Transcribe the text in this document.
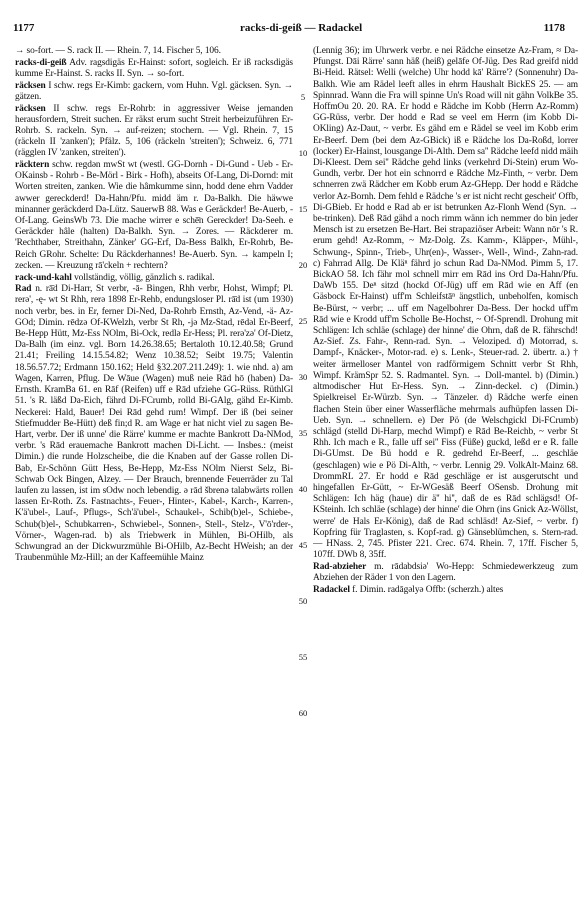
1177	racks-di-geiß — Radackel	1178

→ so-fort. — S. rack II. — Rhein. 7, 14. Fischer 5, 106.

racks-di-geiß Adv. ragsdigäs Er-Hainst: sofort, sogleich. Er iß racksdigäs kumme Er-Hainst. S. racks II. Syn. → so-fort.

räcksen I schw. regs Er-Kimb: gackern, vom Huhn. Vgl. gäcksen. Syn. → gätzen.

räcksen II schw. regs Er-Rohrb: in aggressiver Weise jemanden herausfordern, Streit suchen. Er räkst erum sucht Streit herbeizuführen Er-Rohrb. S. rackeln. Syn. → auf-reizen; stochern. — Vgl. Rhein. 7, 15 (räckeln II 'zanken'); Pfälz. 5, 106 (räckeln 'streiten'); Schweiz. 6, 771 (rägglen IV 'zanken, streiten').

räcktern schw. regdǝn mwSt wt (westl. GG-Dornh - Di-Gund - Ueb - Er-OKainsb - Rohrb - Be-Mörl - Birk - Hofh), abseits Of-Lang, Di-Dornd: mit Worten streiten, zanken. Wie die hâmkumme sinn, hodd dene ehrn Vadder awwer gereckderd! Da-Hahn/Pfu. midd äm r. Da-Balkh. Die häwwe minanner geräckderd Da-Lütz. SauerwB 88. Was e Geräckder! Be-Auerb, - Of-Lang. GeinsWb 73. Die mache wirrer e schē̄n Gereckder! Da-Seeh. e Geräckder hâle (halten) Da-Balkh. Syn. → Zores. — Räckderer m. 'Rechthaber, Streithahn, Zänker' GG-Erf, Da-Bess Balkh, Er-Rohrb, Be-Reich GRohr. Schelte: Du Räckderhannes! Be-Auerb. Syn. → kampeln I; zecken. — Kreuzung rā'ckeln + rechtern?

rack-und-kahl vollständig, völlig, gänzlich s. radikal.

Rad n. rā̄d Di-Harr, St verbr, -ā- Bingen, Rhh verbr, Hohst, Wimpf; Pl. rerǝ', -ę- wt St Rhh, rerǝ 1898 Er-Rehb, endungsloser Pl. rā̄d ist (um 1930) noch verbr, bes. in Er, ferner Di-Ned, Da-Rohrb Ernsth, Az-Vend, -ä- Az-GOd; Dimin. rēdzǝ Of-KWelzh, verbr St Rh, -jǝ Mz-Stad, rēdǝl Er-Beerf, Be-Hepp Hütt, Mz-Ess NOlm, Bi-Ock, redlǝ Er-Hess; Pl. rerǝ'zǝ' Of-Dietz, Da-Balh (im einz. vgl. Born 14.26.38.65; Bertaloth 10.12.40.58; Grund 21.41; Freiling 14.15.54.82; Wenz 10.38.52; Seibt 19.75; Valentin 18.56.57.72; Erdmann 150.162; Held §32.207.211.249): 1. wie nhd. a) am Wagen, Karren, Pflug. De Wāue (Wagen) muß neie Rād hō (haben) Da-Ernsth. KramBa 61. en Rāf (Reifen) uff e Rād ufzìehe GG-Rüss. RüthlGl 51. 's R. läßd Da-Eich, fährd Di-FCrumb, rolld Bi-GAlg, gähd Er-Kimb. Neckerei: Hald, Bauer! Dei Rād gehd rum! Wimpf. Der iß (bei seiner Stiefmudder Be-Hütt) deß fin;d R. am Wage er hat nicht viel zu sagen Be-Hart, verbr. Der iß unne' die Rärre' kumme er machte Bankrott Da-NMod, verbr. 's Rād erauemache Bankrott machen Di-Licht. — Insbes.: (meist Dimin.) die runde Holzscheibe, die die Knaben auf der Gasse rollen Di-Bab, Er-Schönn Gütt Hess, Be-Hepp, Mz-Ess NOlm Nierst Selz, Bi-Schwab Ock Bingen, Alzey. — Der Brauch, brennende Feuerräder zu Tal laufen zu lassen, ist im sOdw noch lebendig. ə rād šbrenǝ talabwärts rollen lassen Er-Roth. Zs. Fastnachts-, Feuer-, Hinter-, Kabel-, Karch-, Karren-, K'ä'ubel-, Lauf-, Pflugs-, Sch'ä'ubel-, Schaukel-, Schib(b)el-, Schiebe-, Schub(b)el-, Schubkarren-, Schwiebel-, Sonnen-, Stell-, Stelz-, V'ō'rder-, Vörner-, Wagen-rad. b) als Triebwerk in Mühlen, Bi-OHilb, als Schwungrad an der Dickwurzmühle Bi-OHilb, Az-Becht HWeish; an der Traubenmühle Mz-Hill; an der Kaffeemühle Mainz

5
10
15
20
25
30
35
40
45
50
55
60

(Lennig 36); im Uhrwerk verbr. e nei Rädche einsetze Az-Fram, ≈ Da-Pfungst. Dāi Rärre' sann häß (heiß) gelāfe Of-Jüg. Des Rad greifd nidd Bi-Heid. Rätsel: Welli (welche) Uhr hodd kā' Rärre'? (Sonnenuhr) Da-Balkh. Wie am Rädel leeft alles in ehrm Haushalt BickES 25. — am Spinnrad. Wann die Fra will spinne Un's Road will nit gähn VolkBe 35. HoffmOu 20. 20. RA. Er hodd e Rädche im Kobb (Herrn Az-Romm) GG-Rüss, verbr. Der hodd e Rad se veel em Herrn (im Kobb Di-OKling) Az-Daut, ~ verbr. Es gähd em e Rädel se veel im Kobb erim Er-Beerf. Dem (bei dem Az-GBick) iß e Rädche los Da-Roßd, lorrer (locker) Er-Hainst, lousgange Di-Alth. Dem sa'' Rädche leefd nidd mäih Di-Kleest. Dem sei'' Rädche gehd links (verkehrd Di-Stein) erum Wo-Gundh, verbr. Der hot ein schnorrd e Rädche Mz-Finth, ~ verbr. Dem schnerren zwä Rädcher em Kobb erum Az-GHepp. Der hodd e Rädche verlor Az-Bornh. Dem fehld e Rädche 's er ist nicht recht gescheit' Offb, Di-GBieb. Er hodd e Rad ab er ist betrunken Az-Flonh Wend (Syn. → be-trinken). Deß Rād gähd a noch rimm wänn ich nemmer do bin jeder Mensch ist zu ersetzen Be-Hart. Bei strapaziöser Arbeit: Wann nōr 's R. erum gehd! Az-Romm, ~ Mz-Dolg. Zs. Kamm-, Kläpper-, Mühl-, Schwung-, Spinn-, Trieb-, Uhr(en)-, Wasser-, Well-, Wind-, Zahn-rad. c) Fahrrad Allg. De Kläⁿ fährd jo schun Rad Da-NMod. Pimm 5, 17. BickAO 58. Ich fähr mol schnell mirr em Rād ins Ord Da-Hahn/Pfu. DaWb 155. Deⁿ sitzd (hockd Of-Jüg) uff em Rād wie en Aff (en Gäsbock Er-Hainst) uff'm Schleifstāⁿ ängstlich, unbeholfen, komisch Be-Bürst, ~ verbr; ... uff em Nagelbohrer Da-Bess. Der hockd uff'm Rād wie e Krodd uff'm Scholle Be-Hochst, ~ Of-Sprendl. Drohung mit Schlägen: Ich schläe (schlage) der hinne' die Ohrn, daß de R. fährschd! Az-Sief. Zs. Fahr-, Renn-rad. Syn. → Veloziped. d) Motorrad, s. Dampf-, Knäcker-, Motor-rad. e) s. Lenk-, Steuer-rad. 2. übertr. a.) † weiter ärmelloser Mantel von radförmigem Schnitt verbr St Rhh, Wimpf. KrämSpr 52. S. Radmantel. Syn. → Doll-mantel. b) (Dimin.) altmodischer Hut Er-Hess. Syn. → Zinn-deckel. c) (Dimin.) Spielkreisel Er-Würzb. Syn. → Tänzeler. d) Rädche werfe einen flachen Stein über einer Wasserfläche mehrmals aufhüpfen lassen Di-Ueb. Syn. → schnellern. e) Der Pö (de Welschgickl Di-FCrumb) schlägd (stelld Di-Harp, mechd Wimpf) e Rād Be-Reichb, ~ verbr St Rhh. Ich mach e R., falle uff sei'' Fiss (Füße) guckd, leßd er e R. falle Di-GUmst. De Bü hodd e R. gedrehd Er-Beerf, ... geschläe (geschlagen) wie e Pö Di-Alth, ~ verbr. Lennig 29. VolkAlt-Mainz 68. DrommRL 27. Er hodd e Rād geschläge er ist ausgerutscht und hingefallen Er-Gütt, ~ Er-WGesäß Beerf OSensb. Drohung mit Schlägen: Ich häg (haue) dir ä'' hi'', daß de es Rād schlägsd! Of-KSteinh. Ich schläe (schlage) der hinne' die Ohrn (ins Gnick Az-Wöllst, werre' de Hals Er-König), daß de Rad schläsd! Az-Sief, ~ verbr. f) Kopfring für Traglasten, s. Kopf-rad. g) Gänseblümchen, s. Stern-rad. — HNass. 2, 745. Pfister 221. Crec. 674. Rhein. 7, 17ff. Fischer 5, 107ff. DWb 8, 35ff.

Rad-abzieher m. rādabdsiǝ' Wo-Hepp: Schmiedewerkzeug zum Abziehen der Räder 1 von den Lagern.

Radackel f. Dimin. radāgǝlyǝ Offb: (scherzh.) altes
